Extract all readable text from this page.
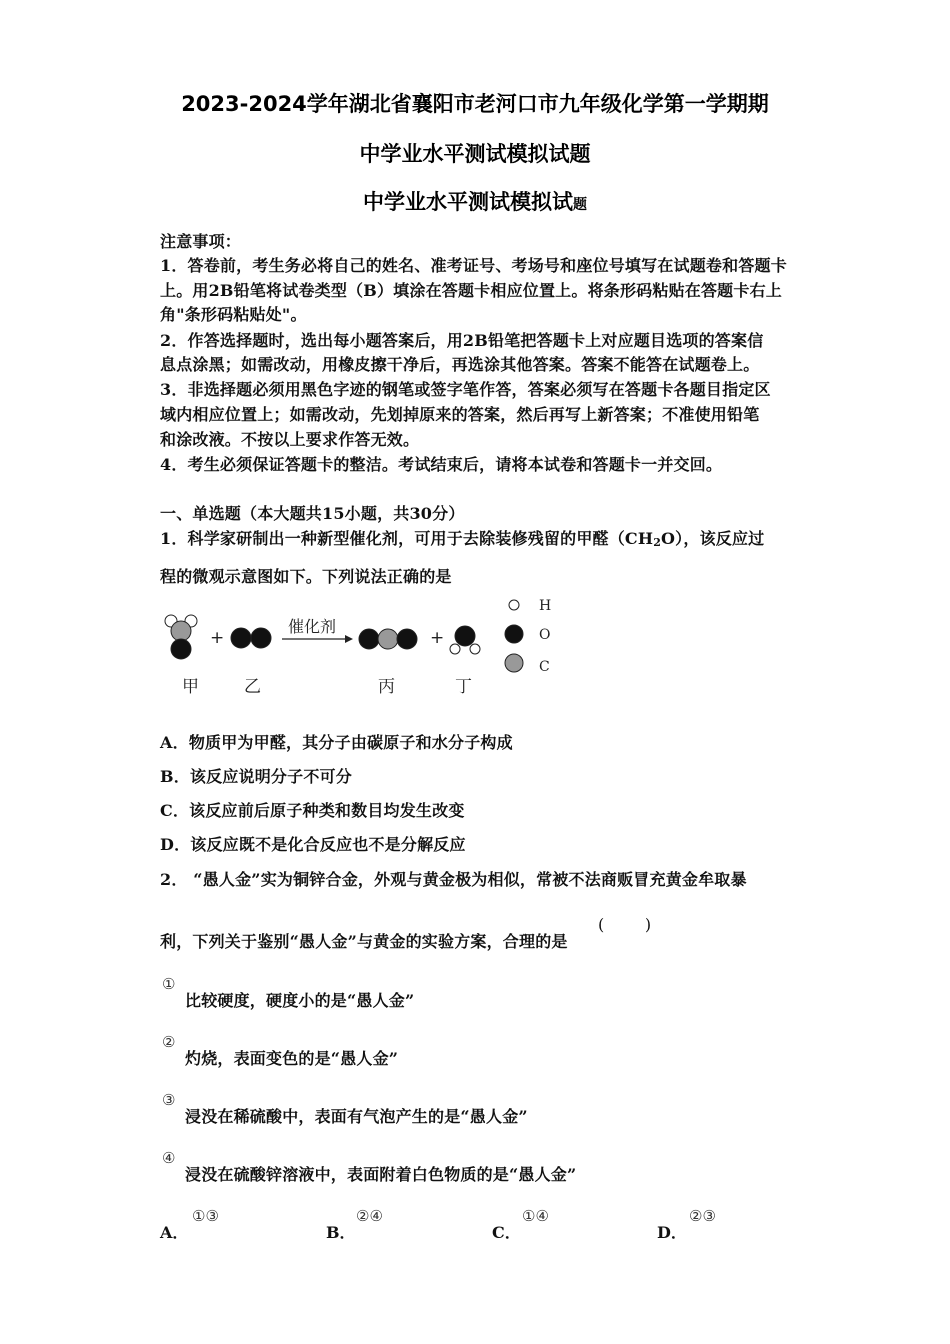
2023-2024学年湖北省襄阳市老河口市九年级化学第一学期期
中学业水平测试模拟试题
中学业水平测试模拟试题
注意事项：
1．答卷前，考生务必将自己的姓名、准考证号、考场号和座位号填写在试题卷和答题卡
上。用2B铅笔将试卷类型（B）填涂在答题卡相应位置上。将条形码粘贴在答题卡右上
角"条形码粘贴处"。
2．作答选择题时，选出每小题答案后，用2B铅笔把答题卡上对应题目选项的答案信
息点涂黑；如需改动，用橡皮擦干净后，再选涂其他答案。答案不能答在试题卷上。
3．非选择题必须用黑色字迹的钢笔或签字笔作答，答案必须写在答题卡各题目指定区
域内相应位置上；如需改动，先划掉原来的答案，然后再写上新答案；不准使用铅笔
和涂改液。不按以上要求作答无效。
4．考生必须保证答题卡的整洁。考试结束后，请将本试卷和答题卡一并交回。
一、单选题（本大题共15小题，共30分）
1．科学家研制出一种新型催化剂，可用于去除装修残留的甲醛（CH2O），该反应过
程的微观示意图如下。下列说法正确的是
+
催化剂
+
H
O
C
甲	乙	丙	丁
A．物质甲为甲醛，其分子由碳原子和水分子构成
B．该反应说明分子不可分
C．该反应前后原子种类和数目均发生改变
D．该反应既不是化合反应也不是分解反应
2． “愚人金”实为铜锌合金，外观与黄金极为相似，常被不法商贩冒充黄金牟取暴
利，下列关于鉴别“愚人金”与黄金的实验方案，合理的是
(        )
①
比较硬度，硬度小的是“愚人金”
②
灼烧，表面变色的是“愚人金”
③
浸没在稀硫酸中，表面有气泡产生的是“愚人金”
④
浸没在硫酸锌溶液中，表面附着白色物质的是“愚人金”
A．
①③
B．
②④
C．
①④
D．
②③
